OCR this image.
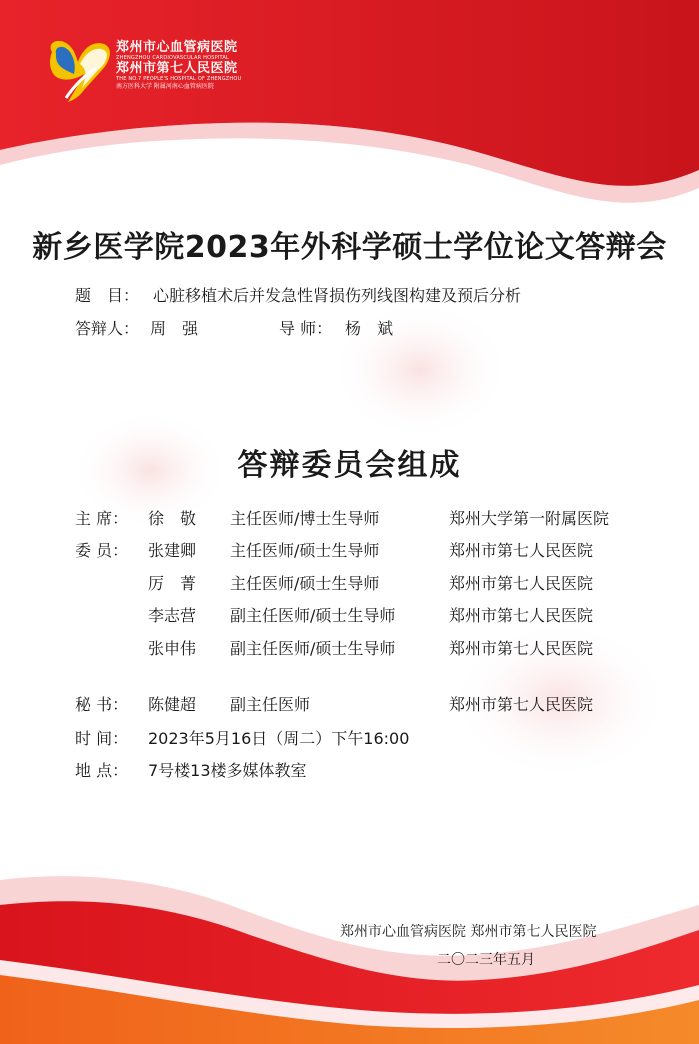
郑州市心血管病医院
ZHENGZHOU CARDIOVASCULAR HOSPITAL
郑州市第七人民医院
THE NO.7 PEOPLE'S HOSPITAL OF ZHENGZHOU
南方医科大学 附属河南心血管病医院
新乡医学院2023年外科学硕士学位论文答辩会
题　目： 心脏移植术后并发急性肾损伤列线图构建及预后分析
答辩人： 周　强	导 师： 杨　斌
答辩委员会组成
主 席： 徐　敬 主任医师/博士生导师	郑州大学第一附属医院
委 员： 张建卿 主任医师/硕士生导师	郑州市第七人民医院
厉　菁 主任医师/硕士生导师	郑州市第七人民医院
李志营 副主任医师/硕士生导师	郑州市第七人民医院
张申伟 副主任医师/硕士生导师	郑州市第七人民医院
秘 书： 陈健超 副主任医师	郑州市第七人民医院
时 间： 2023年5月16日（周二）下午16:00
地 点： 7号楼13楼多媒体教室
郑州市心血管病医院 郑州市第七人民医院
二〇二三年五月
